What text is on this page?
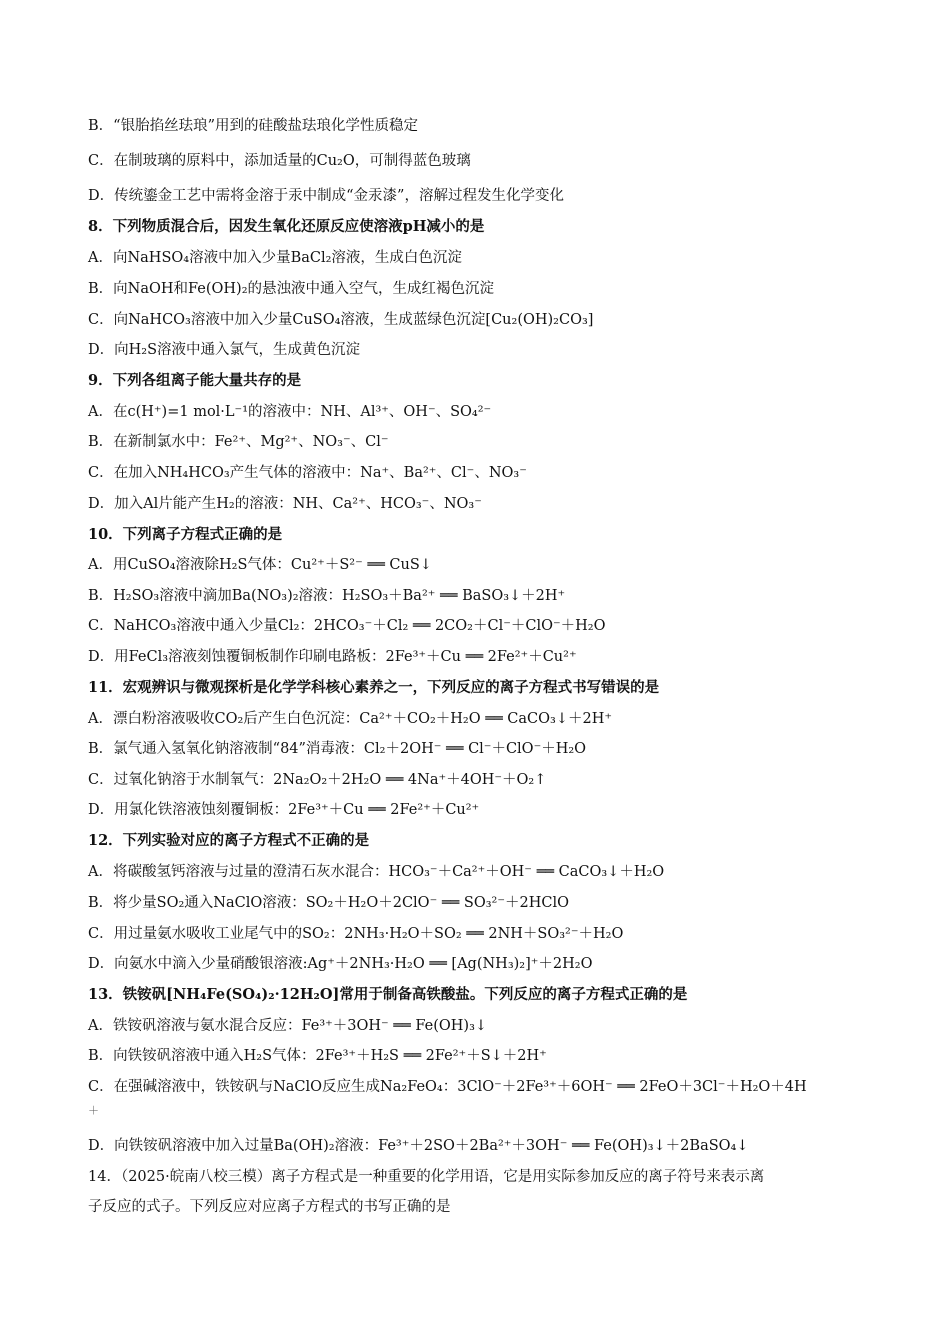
B．“银胎掐丝珐琅”用到的硅酸盐珐琅化学性质稳定
C．在制玻璃的原料中，添加适量的Cu₂O，可制得蓝色玻璃
D．传统鎏金工艺中需将金溶于汞中制成“金汞漆”，溶解过程发生化学变化
8．下列物质混合后，因发生氧化还原反应使溶液pH减小的是
A．向NaHSO₄溶液中加入少量BaCl₂溶液，生成白色沉淀
B．向NaOH和Fe(OH)₂的悬浊液中通入空气，生成红褐色沉淀
C．向NaHCO₃溶液中加入少量CuSO₄溶液，生成蓝绿色沉淀[Cu₂(OH)₂CO₃]
D．向H₂S溶液中通入氯气，生成黄色沉淀
9．下列各组离子能大量共存的是
A．在c(H⁺)=1 mol·L⁻¹的溶液中：NH、Al³⁺、OH⁻、SO₄²⁻
B．在新制氯水中：Fe²⁺、Mg²⁺、NO₃⁻、Cl⁻
C．在加入NH₄HCO₃产生气体的溶液中：Na⁺、Ba²⁺、Cl⁻、NO₃⁻
D．加入Al片能产生H₂的溶液：NH、Ca²⁺、HCO₃⁻、NO₃⁻
10．下列离子方程式正确的是
A．用CuSO₄溶液除H₂S气体：Cu²⁺＋S²⁻ ══ CuS↓
B．H₂SO₃溶液中滴加Ba(NO₃)₂溶液：H₂SO₃＋Ba²⁺ ══ BaSO₃↓＋2H⁺
C．NaHCO₃溶液中通入少量Cl₂：2HCO₃⁻＋Cl₂ ══ 2CO₂＋Cl⁻＋ClO⁻＋H₂O
D．用FeCl₃溶液刻蚀覆铜板制作印刷电路板：2Fe³⁺＋Cu ══ 2Fe²⁺＋Cu²⁺
11．宏观辨识与微观探析是化学学科核心素养之一，下列反应的离子方程式书写错误的是
A．漂白粉溶液吸收CO₂后产生白色沉淀：Ca²⁺＋CO₂＋H₂O ══ CaCO₃↓＋2H⁺
B．氯气通入氢氧化钠溶液制“84”消毒液：Cl₂＋2OH⁻ ══ Cl⁻＋ClO⁻＋H₂O
C．过氧化钠溶于水制氧气：2Na₂O₂＋2H₂O ══ 4Na⁺＋4OH⁻＋O₂↑
D．用氯化铁溶液蚀刻覆铜板：2Fe³⁺＋Cu ══ 2Fe²⁺＋Cu²⁺
12．下列实验对应的离子方程式不正确的是
A．将碳酸氢钙溶液与过量的澄清石灰水混合：HCO₃⁻＋Ca²⁺＋OH⁻ ══ CaCO₃↓＋H₂O
B．将少量SO₂通入NaClO溶液：SO₂＋H₂O＋2ClO⁻ ══ SO₃²⁻＋2HClO
C．用过量氨水吸收工业尾气中的SO₂：2NH₃·H₂O＋SO₂ ══ 2NH＋SO₃²⁻＋H₂O
D．向氨水中滴入少量硝酸银溶液:Ag⁺＋2NH₃·H₂O ══ [Ag(NH₃)₂]⁺＋2H₂O
13．铁铵矾[NH₄Fe(SO₄)₂·12H₂O]常用于制备高铁酸盐。下列反应的离子方程式正确的是
A．铁铵矾溶液与氨水混合反应：Fe³⁺＋3OH⁻ ══ Fe(OH)₃↓
B．向铁铵矾溶液中通入H₂S气体：2Fe³⁺＋H₂S ══ 2Fe²⁺＋S↓＋2H⁺
C．在强碱溶液中，铁铵矾与NaClO反应生成Na₂FeO₄：3ClO⁻＋2Fe³⁺＋6OH⁻ ══ 2FeO＋3Cl⁻＋H₂O＋4H
＋
D．向铁铵矾溶液中加入过量Ba(OH)₂溶液：Fe³⁺＋2SO＋2Ba²⁺＋3OH⁻ ══ Fe(OH)₃↓＋2BaSO₄↓
14．（2025·皖南八校三模）离子方程式是一种重要的化学用语，它是用实际参加反应的离子符号来表示离
子反应的式子。下列反应对应离子方程式的书写正确的是
